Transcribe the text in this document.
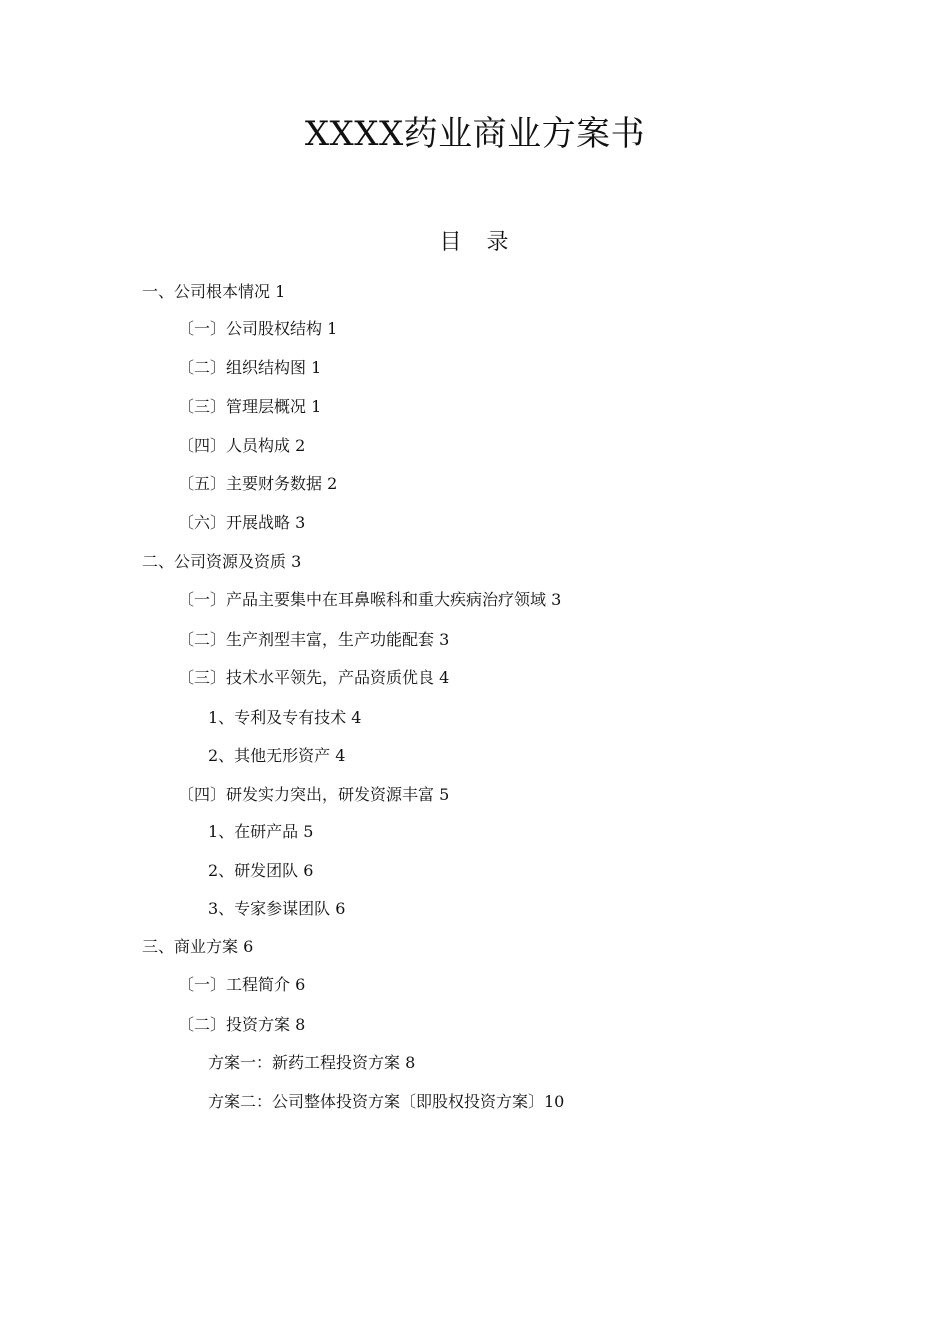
XXXX药业商业方案书
目 录
一、公司根本情况 1
〔一〕公司股权结构 1
〔二〕组织结构图 1
〔三〕管理层概况 1
〔四〕人员构成 2
〔五〕主要财务数据 2
〔六〕开展战略 3
二、公司资源及资质 3
〔一〕产品主要集中在耳鼻喉科和重大疾病治疗领域 3
〔二〕生产剂型丰富，生产功能配套 3
〔三〕技术水平领先，产品资质优良 4
1、专利及专有技术 4
2、其他无形资产 4
〔四〕研发实力突出，研发资源丰富 5
1、在研产品 5
2、研发团队 6
3、专家参谋团队 6
三、商业方案 6
〔一〕工程简介 6
〔二〕投资方案 8
方案一：新药工程投资方案 8
方案二：公司整体投资方案〔即股权投资方案〕10
